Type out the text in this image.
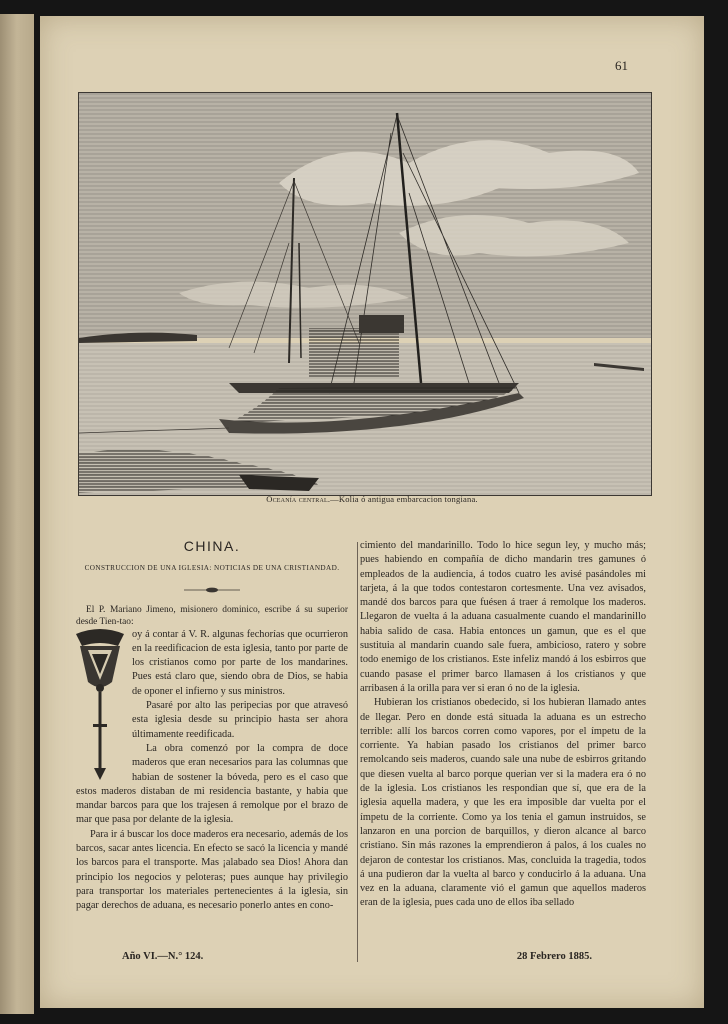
61
Oceanía central.—Kolia ó antigua embarcacion tongiana.
CHINA.
CONSTRUCCION DE UNA IGLESIA: NOTICIAS DE UNA CRISTIANDAD.

El P. Mariano Jimeno, misionero dominico, escribe á su superior desde Tien-tao:

oy á contar á V. R. algunas fechorías que ocurrieron en la reedificacion de esta iglesia, tanto por parte de los cristianos como por parte de los mandarines. Pues está claro que, siendo obra de Dios, se habia de oponer el infierno y sus ministros.

Pasaré por alto las peripecias por que atravesó esta iglesia desde su principio hasta ser ahora últimamente reedificada.

La obra comenzó por la compra de doce maderos que eran necesarios para las columnas que habian de sostener la bóveda, pero es el caso que estos maderos distaban de mi residencia bastante, y habia que mandar barcos para que los trajesen á remolque por el brazo de mar que pasa por delante de la iglesia.

Para ir á buscar los doce maderos era necesario, además de los barcos, sacar antes licencia. En efecto se sacó la licencia y mandé los barcos para el transporte. Mas ¡alabado sea Dios! Ahora dan principio los negocios y peloteras; pues aunque hay privilegio para transportar los materiales pertenecientes á la iglesia, sin pagar derechos de aduana, es necesario ponerlo antes en cono-

cimiento del mandarinillo. Todo lo hice segun ley, y mucho más; pues habiendo en compañía de dicho mandarin tres gamunes ó empleados de la audiencia, á todos cuatro les avisé pasándoles mi tarjeta, á la que todos contestaron cortesmente. Una vez avisados, mandé dos barcos para que fuésen á traer á remolque los maderos. Llegaron de vuelta á la aduana casualmente cuando el mandarinillo habia salido de casa. Habia entonces un gamun, que es el que sustituia al mandarin cuando sale fuera, ambicioso, ratero y sobre todo enemigo de los cristianos. Este infeliz mandó á los esbirros que cuando pasase el primer barco llamasen á los cristianos y que arribasen á la orilla para ver si eran ó no de la iglesia.

Hubieran los cristianos obedecido, si los hubieran llamado antes de llegar. Pero en donde está situada la aduana es un estrecho terrible: allí los barcos corren como vapores, por el ímpetu de la corriente. Ya habian pasado los cristianos del primer barco remolcando seis maderos, cuando sale una nube de esbirros gritando que diesen vuelta al barco porque querian ver si la madera era ó no de la iglesia. Los cristianos les respondian que sí, que era de la iglesia aquella madera, y que les era imposible dar vuelta por el ímpetu de la corriente. Como ya los tenia el gamun instruidos, se lanzaron en una porcion de barquillos, y dieron alcance al barco cristiano. Sin más razones la emprendieron á palos, á los cuales no dejaron de contestar los cristianos. Mas, concluida la tragedia, todos á una pudieron dar la vuelta al barco y conducirlo á la aduana. Una vez en la aduana, claramente vió el gamun que aquellos maderos eran de la iglesia, pues cada uno de ellos iba sellado

Año VI.—N.° 124.	28 Febrero 1885.
